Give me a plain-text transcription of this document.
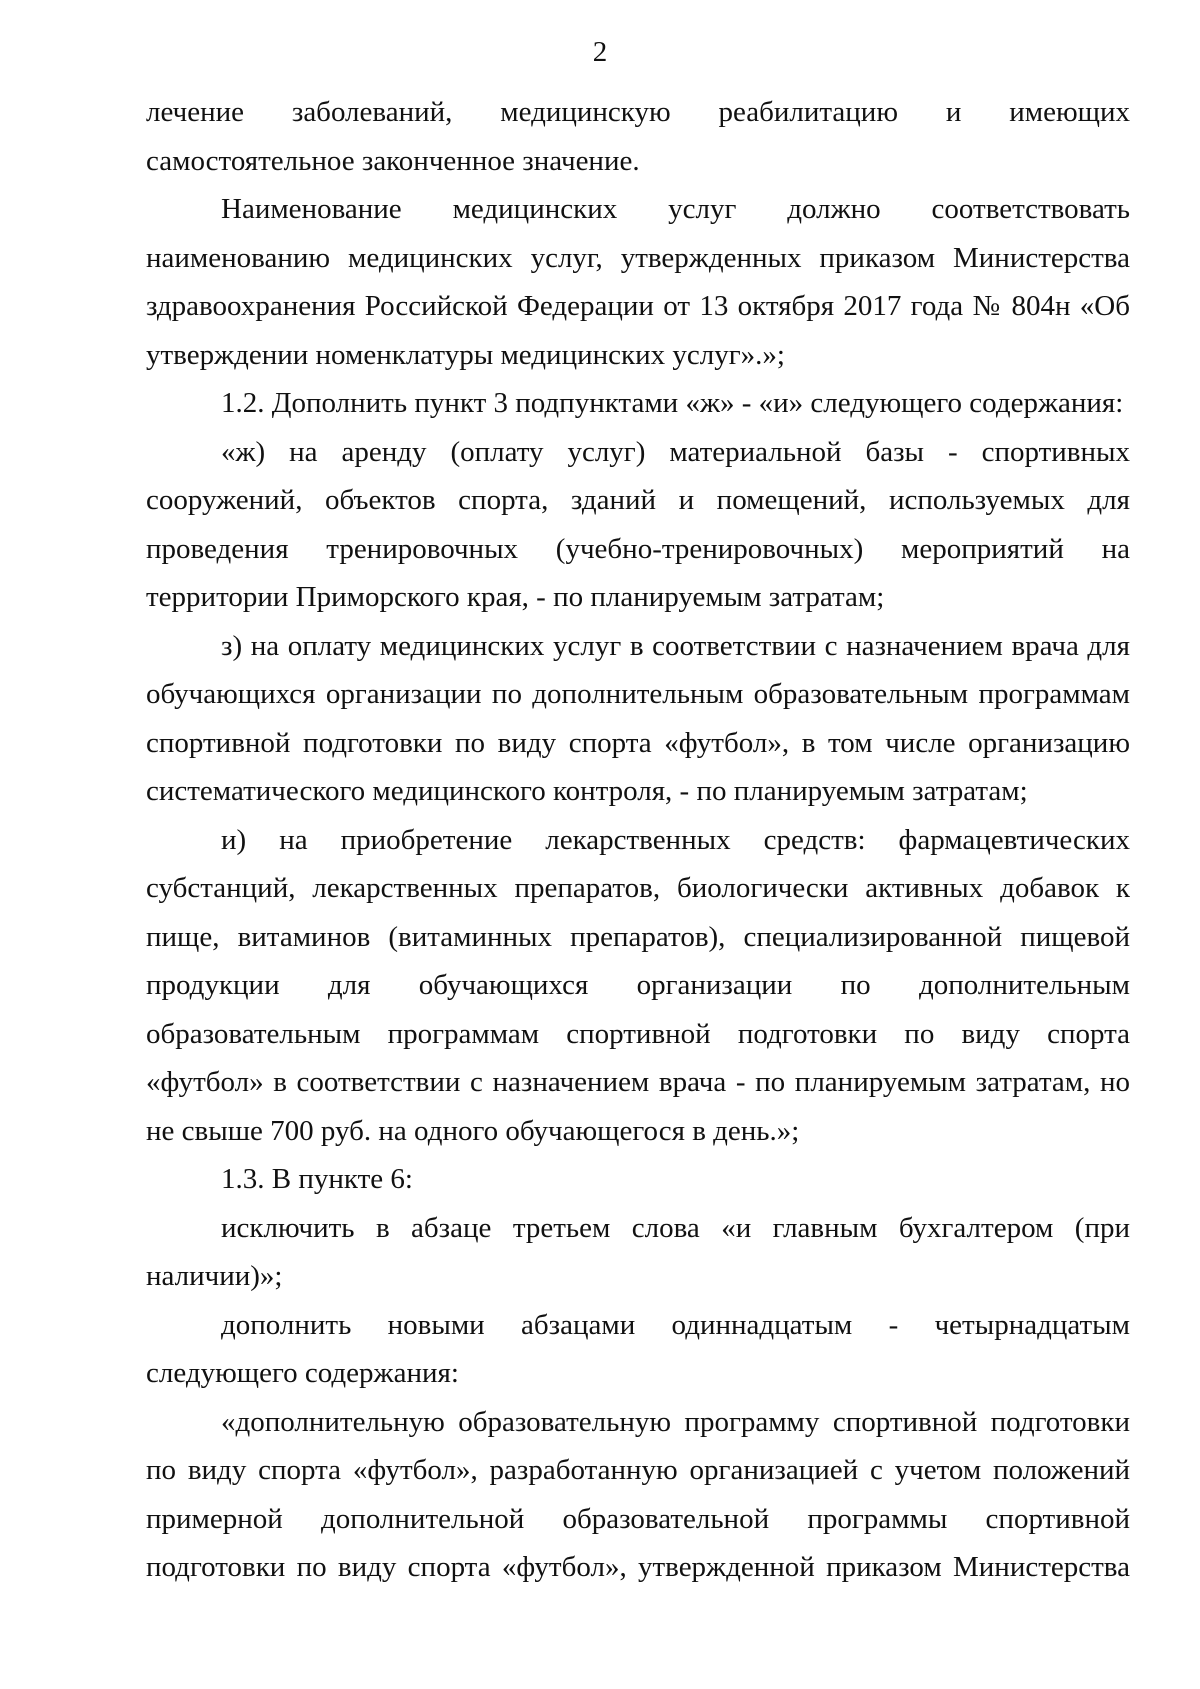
2

лечение заболеваний, медицинскую реабилитацию и имеющих самостоятельное законченное значение.

Наименование медицинских услуг должно соответствовать наименованию медицинских услуг, утвержденных приказом Министерства здравоохранения Российской Федерации от 13 октября 2017 года № 804н «Об утверждении номенклатуры медицинских услуг».»;

1.2. Дополнить пункт 3 подпунктами «ж» - «и» следующего содержания:

«ж) на аренду (оплату услуг) материальной базы - спортивных сооружений, объектов спорта, зданий и помещений, используемых для проведения тренировочных (учебно-тренировочных) мероприятий на территории Приморского края, - по планируемым затратам;

з) на оплату медицинских услуг в соответствии с назначением врача для обучающихся организации по дополнительным образовательным программам спортивной подготовки по виду спорта «футбол», в том числе организацию систематического медицинского контроля, - по планируемым затратам;

и) на приобретение лекарственных средств: фармацевтических субстанций, лекарственных препаратов, биологически активных добавок к пище, витаминов (витаминных препаратов), специализированной пищевой продукции для обучающихся организации по дополнительным образовательным программам спортивной подготовки по виду спорта «футбол» в соответствии с назначением врача - по планируемым затратам, но не свыше 700 руб. на одного обучающегося в день.»;

1.3. В пункте 6:

исключить в абзаце третьем слова «и главным бухгалтером (при наличии)»;

дополнить новыми абзацами одиннадцатым - четырнадцатым следующего содержания:

«дополнительную образовательную программу спортивной подготовки по виду спорта «футбол», разработанную организацией с учетом положений примерной дополнительной образовательной программы спортивной подготовки по виду спорта «футбол», утвержденной приказом Министерства
